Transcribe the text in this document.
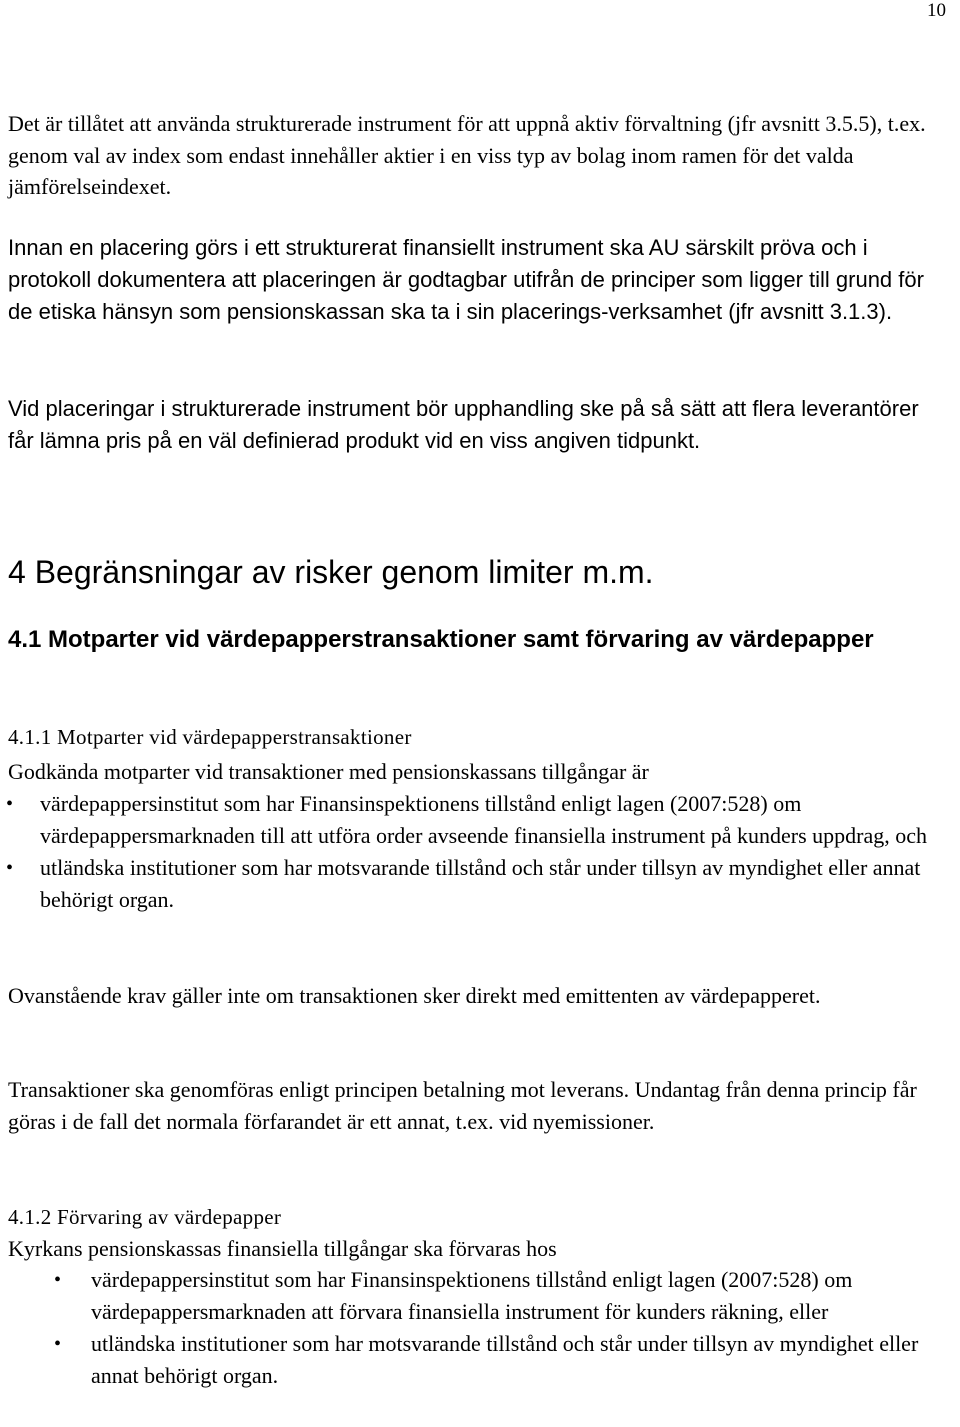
10

Det är tillåtet att använda strukturerade instrument för att uppnå aktiv förvaltning (jfr avsnitt 3.5.5), t.ex. genom val av index som endast innehåller aktier i en viss typ av bolag inom ramen för det valda jämförelseindexet.

Innan en placering görs i ett strukturerat finansiellt instrument ska AU särskilt pröva och i protokoll dokumentera att placeringen är godtagbar utifrån de principer som ligger till grund för de etiska hänsyn som pensionskassan ska ta i sin placerings-verksamhet (jfr avsnitt 3.1.3).

Vid placeringar i strukturerade instrument bör upphandling ske på så sätt att flera leverantörer får lämna pris på en väl definierad produkt vid en viss angiven tidpunkt.

4 Begränsningar av risker genom limiter m.m.
4.1 Motparter vid värdepapperstransaktioner samt förvaring av värdepapper
4.1.1 Motparter vid värdepapperstransaktioner

Godkända motparter vid transaktioner med pensionskassans tillgångar är

• värdepappersinstitut som har Finansinspektionens tillstånd enligt lagen (2007:528) om värdepappersmarknaden till att utföra order avseende finansiella instrument på kunders uppdrag, och
• utländska institutioner som har motsvarande tillstånd och står under tillsyn av myndighet eller annat behörigt organ.

Ovanstående krav gäller inte om transaktionen sker direkt med emittenten av värdepapperet.

Transaktioner ska genomföras enligt principen betalning mot leverans. Undantag från denna princip får göras i de fall det normala förfarandet är ett annat, t.ex. vid nyemissioner.

4.1.2 Förvaring av värdepapper

Kyrkans pensionskassas finansiella tillgångar ska förvaras hos

• värdepappersinstitut som har Finansinspektionens tillstånd enligt lagen (2007:528) om värdepappersmarknaden att förvara finansiella instrument för kunders räkning, eller
• utländska institutioner som har motsvarande tillstånd och står under tillsyn av myndighet eller annat behörigt organ.
